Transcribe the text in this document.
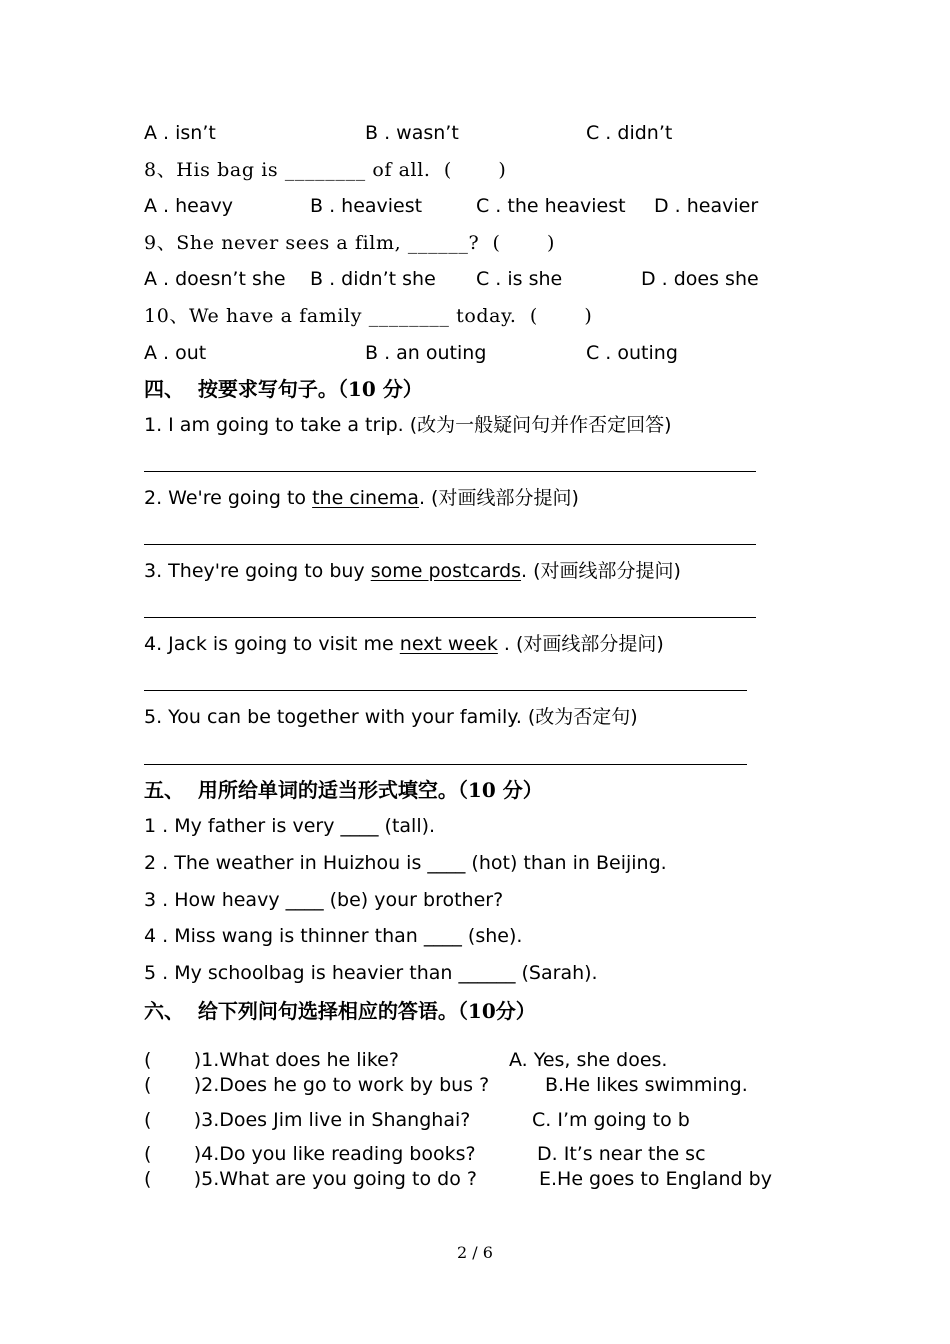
A . isn’t	B . wasn’t	C . didn’t
8、His bag is ________ of all.  (       )
A . heavy	B . heaviest	C . the heaviest D . heavier
9、She never sees a film, ______?  (       )
A . doesn’t she B . didn’t she C . is she	D . does she
10、We have a family ________ today.  (       )
A . out	B . an outing	C . outing
四、  按要求写句子。（10 分）
1. I am going to take a trip. (改为一般疑问句并作否定回答)
2. We're going to the cinema. (对画线部分提问)
3. They're going to buy some postcards. (对画线部分提问)
4. Jack is going to visit me next week . (对画线部分提问)
5. You can be together with your family. (改为否定句)
五、  用所给单词的适当形式填空。（10 分）
1 . My father is very ____ (tall).
2 . The weather in Huizhou is ____ (hot) than in Beijing.
3 . How heavy ____ (be) your brother?
4 . Miss wang is thinner than ____ (she).
5 . My schoolbag is heavier than ______ (Sarah).
六、  给下列问句选择相应的答语。（10分）
(       )1.What does he like?	A. Yes, she does.
(       )2.Does he go to work by bus ?	B.He likes swimming.
(       )3.Does Jim live in Shanghai?	C. I’m going to b
(       )4.Do you like reading books?	D. It’s near the sc
(       )5.What are you going to do ?	E.He goes to England by
2 / 6
